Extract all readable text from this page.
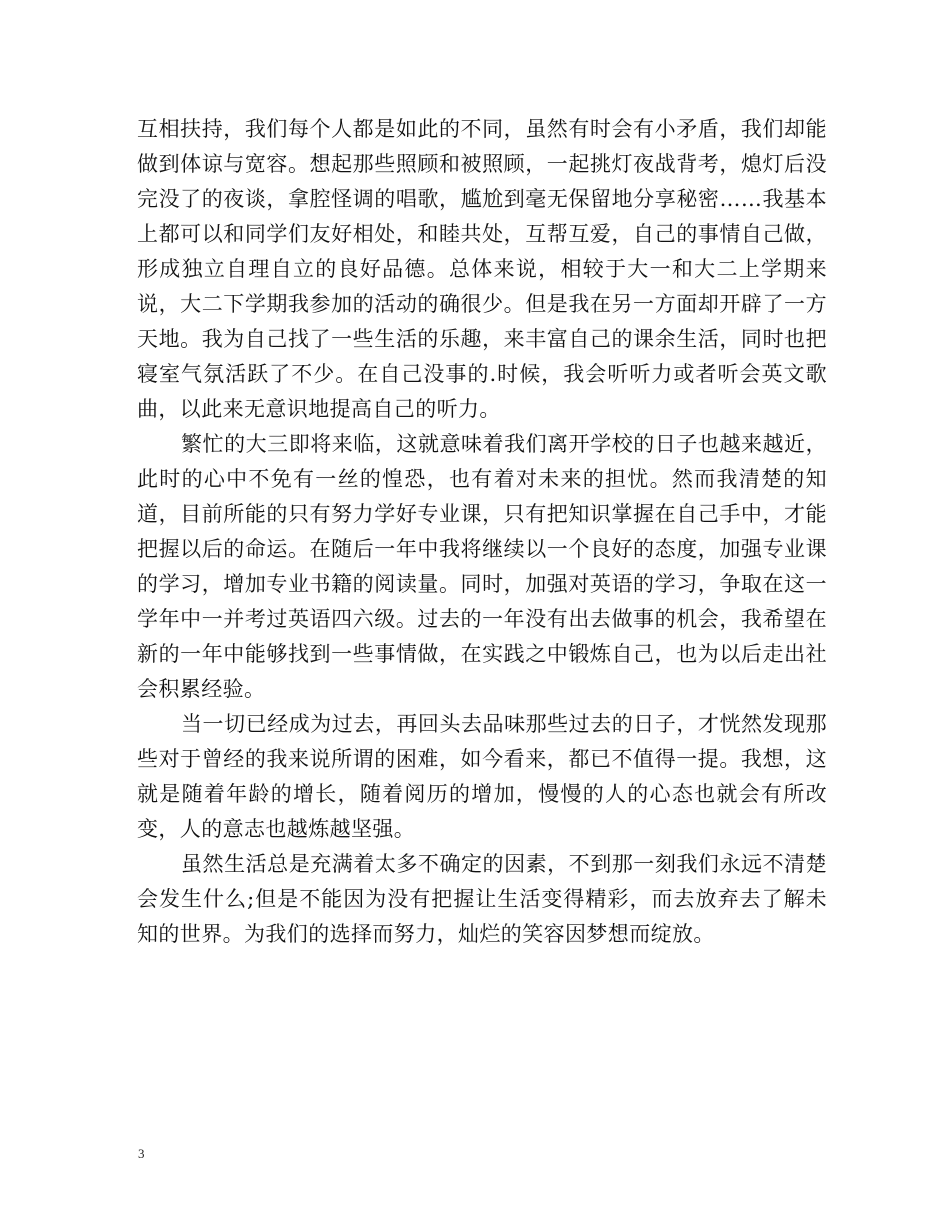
互相扶持，我们每个人都是如此的不同，虽然有时会有小矛盾，我们却能做到体谅与宽容。想起那些照顾和被照顾，一起挑灯夜战背考，熄灯后没完没了的夜谈，拿腔怪调的唱歌，尴尬到毫无保留地分享秘密……我基本上都可以和同学们友好相处，和睦共处，互帮互爱，自己的事情自己做，形成独立自理自立的良好品德。总体来说，相较于大一和大二上学期来说，大二下学期我参加的活动的确很少。但是我在另一方面却开辟了一方天地。我为自己找了一些生活的乐趣，来丰富自己的课余生活，同时也把寝室气氛活跃了不少。在自己没事的.时候，我会听听力或者听会英文歌曲，以此来无意识地提高自己的听力。

繁忙的大三即将来临，这就意味着我们离开学校的日子也越来越近，此时的心中不免有一丝的惶恐，也有着对未来的担忧。然而我清楚的知道，目前所能的只有努力学好专业课，只有把知识掌握在自己手中，才能把握以后的命运。在随后一年中我将继续以一个良好的态度，加强专业课的学习，增加专业书籍的阅读量。同时，加强对英语的学习，争取在这一学年中一并考过英语四六级。过去的一年没有出去做事的机会，我希望在新的一年中能够找到一些事情做，在实践之中锻炼自己，也为以后走出社会积累经验。

当一切已经成为过去，再回头去品味那些过去的日子，才恍然发现那些对于曾经的我来说所谓的困难，如今看来，都已不值得一提。我想，这就是随着年龄的增长，随着阅历的增加，慢慢的人的心态也就会有所改变，人的意志也越炼越坚强。

虽然生活总是充满着太多不确定的因素，不到那一刻我们永远不清楚会发生什么;但是不能因为没有把握让生活变得精彩，而去放弃去了解未知的世界。为我们的选择而努力，灿烂的笑容因梦想而绽放。

3
